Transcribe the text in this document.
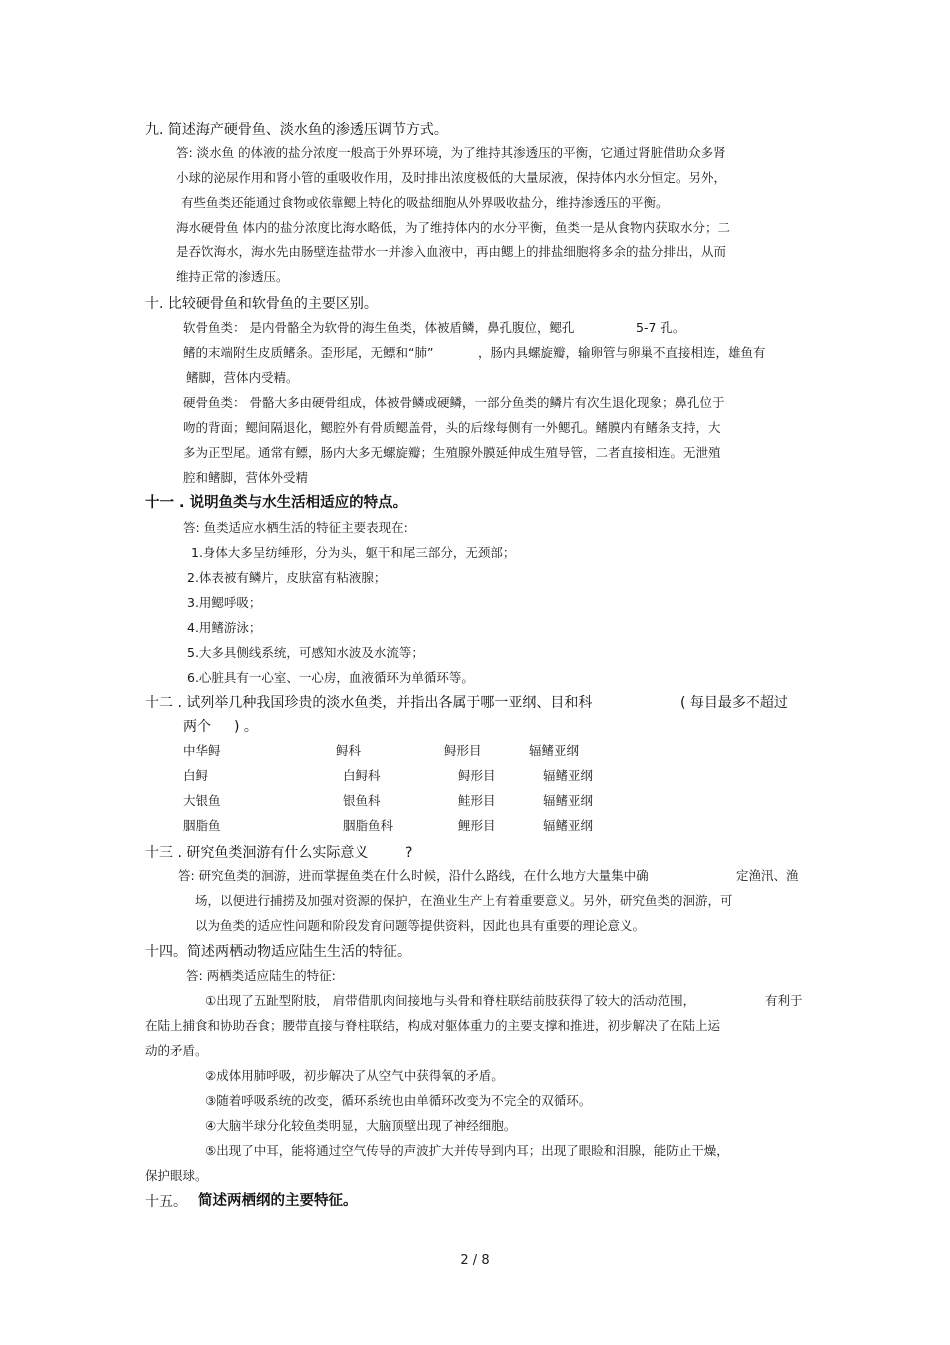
九. 简述海产硬骨鱼、淡水鱼的渗透压调节方式。
答: 淡水鱼 的体液的盐分浓度一般高于外界环境，为了维持其渗透压的平衡，它通过肾脏借助众多肾
小球的泌尿作用和肾小管的重吸收作用，及时排出浓度极低的大量尿液，保持体内水分恒定。另外，
有些鱼类还能通过食物或依靠鳃上特化的吸盐细胞从外界吸收盐分，维持渗透压的平衡。
海水硬骨鱼 体内的盐分浓度比海水略低，为了维持体内的水分平衡，鱼类一是从食物内获取水分；二
是吞饮海水，海水先由肠壁连盐带水一并渗入血液中，再由鳃上的排盐细胞将多余的盐分排出，从而
维持正常的渗透压。
十. 比较硬骨鱼和软骨鱼的主要区别。
软骨鱼类： 是内骨骼全为软骨的海生鱼类，体被盾鳞，鼻孔腹位，鳃孔	5-7 孔。
鳍的末端附生皮质鳍条。歪形尾，无鳔和“肺”	，肠内具螺旋瓣，输卵管与卵巢不直接相连，雄鱼有
鳍脚，营体内受精。
硬骨鱼类： 骨骼大多由硬骨组成，体被骨鳞或硬鳞，一部分鱼类的鳞片有次生退化现象；鼻孔位于
吻的背面；鳃间隔退化，鳃腔外有骨质鳃盖骨，头的后缘每侧有一外鳃孔。鳍膜内有鳍条支持，大
多为正型尾。通常有鳔，肠内大多无螺旋瓣；生殖腺外膜延伸成生殖导管，二者直接相连。无泄殖
腔和鳍脚，营体外受精
十一 . 说明鱼类与水生活相适应的特点。
答: 鱼类适应水栖生活的特征主要表现在:
1.身体大多呈纺缍形，分为头，躯干和尾三部分，无颈部；
2.体表被有鳞片，皮肤富有粘液腺；
3.用鳃呼吸；
4.用鳍游泳；
5.大多具侧线系统，可感知水波及水流等；
6.心脏具有一心室、一心房，血液循环为单循环等。
十二 . 试列举几种我国珍贵的淡水鱼类，并指出各属于哪一亚纲、目和科	( 每目最多不超过
两个 ) 。
中华鲟	鲟科	鲟形目	辐鳍亚纲
白鲟	白鲟科	鲟形目	辐鳍亚纲
大银鱼	银鱼科	鲑形目	辐鳍亚纲
胭脂鱼	胭脂鱼科	鲤形目	辐鳍亚纲
十三 . 研究鱼类洄游有什么实际意义	?
答: 研究鱼类的洄游，进而掌握鱼类在什么时候，沿什么路线，在什么地方大量集中确	定渔汛、渔
场，以便进行捕捞及加强对资源的保护，在渔业生产上有着重要意义。另外，研究鱼类的洄游，可
以为鱼类的适应性问题和阶段发育问题等提供资料，因此也具有重要的理论意义。
十四。简述两栖动物适应陆生生活的特征。
答: 两栖类适应陆生的特征:
①出现了五趾型附肢， 肩带借肌肉间接地与头骨和脊柱联结前肢获得了较大的活动范围，	有利于
在陆上捕食和协助吞食；腰带直接与脊柱联结，构成对躯体重力的主要支撑和推进，初步解决了在陆上运
动的矛盾。
②成体用肺呼吸，初步解决了从空气中获得氧的矛盾。
③随着呼吸系统的改变，循环系统也由单循环改变为不完全的双循环。
④大脑半球分化较鱼类明显，大脑顶壁出现了神经细胞。
⑤出现了中耳，能将通过空气传导的声波扩大并传导到内耳；出现了眼睑和泪腺，能防止干燥，
保护眼球。
十五。 简述两栖纲的主要特征。
2 / 8
